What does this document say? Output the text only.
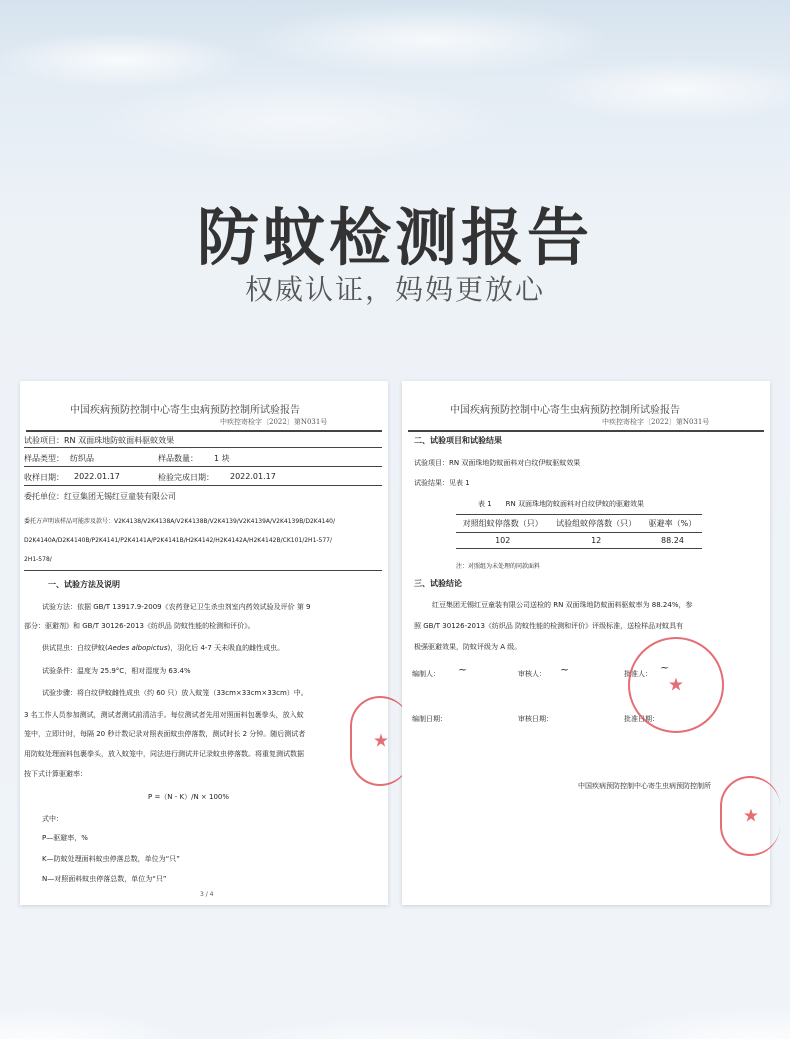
防蚊检测报告
权威认证，妈妈更放心
中国疾病预防控制中心寄生虫病预防控制所试验报告
中疾控寄检字〔2022〕第N031号
试验项目：RN 双面珠地防蚊面料驱蚊效果
样品类型： 纺织品	样品数量： 1 块
收样日期： 2022.01.17	检验完成日期： 2022.01.17
委托单位：红豆集团无锡红豆童装有限公司
委托方声明该样品可能涉及款号：V2K4138/V2K4138A/V2K4138B/V2K4139/V2K4139A/V2K4139B/D2K4140/
D2K4140A/D2K4140B/P2K4141/P2K4141A/P2K4141B/H2K4142/H2K4142A/H2K4142B/CK101/2H1-577/
2H1-578/
一、试验方法及说明
试验方法：依据 GB/T 13917.9-2009《农药登记卫生杀虫剂室内药效试验及评价 第 9
部分：驱避剂》和 GB/T 30126-2013《纺织品 防蚊性能的检测和评价》。
供试昆虫：白纹伊蚊(Aedes albopictus)，羽化后 4-7 天未吸血的雌性成虫。
试验条件：温度为 25.9°C，相对湿度为 63.4%
试验步骤：将白纹伊蚊雌性成虫（约 60 只）放入蚊笼（33cm×33cm×33cm）中。
3 名工作人员参加测试，测试者测试前清洁手。每位测试者先用对照面料包裹拳头，放入蚊
笼中，立即计时，每隔 20 秒计数记录对照表面蚊虫停落数，测试时长 2 分钟。随后测试者
用防蚊处理面料包裹拳头，放入蚊笼中，同法进行测试并记录蚊虫停落数。将重复测试数据
按下式计算驱避率：
P =（N - K）/N × 100%
式中：
P—驱避率，%
K—防蚊处理面料蚊虫停落总数，单位为“只”
N—对照面料蚊虫停落总数，单位为“只”
3 / 4
★
中国疾病预防控制中心寄生虫病预防控制所试验报告
中疾控寄检字〔2022〕第N031号
二、试验项目和试验结果
试验项目：RN 双面珠地防蚊面料对白纹伊蚊驱蚊效果
试验结果：见表 1
表 1　　RN 双面珠地防蚊面料对白纹伊蚊的驱避效果
对照组蚊停落数（只）	试验组蚊停落数（只）	驱避率（%）
102	12	88.24
注：对照组为未处理的同款面料
三、试验结论
红豆集团无锡红豆童装有限公司送检的 RN 双面珠地防蚊面料驱蚊率为 88.24%，参
照 GB/T 30126-2013《纺织品 防蚊性能的检测和评价》评级标准，送检样品对蚊具有
极强驱避效果，防蚊评级为 A 级。
编制人： ~	审核人： ~	批准人： ~
编制日期：	审核日期：	批准日期：
中国疾病预防控制中心寄生虫病预防控制所
★
★
